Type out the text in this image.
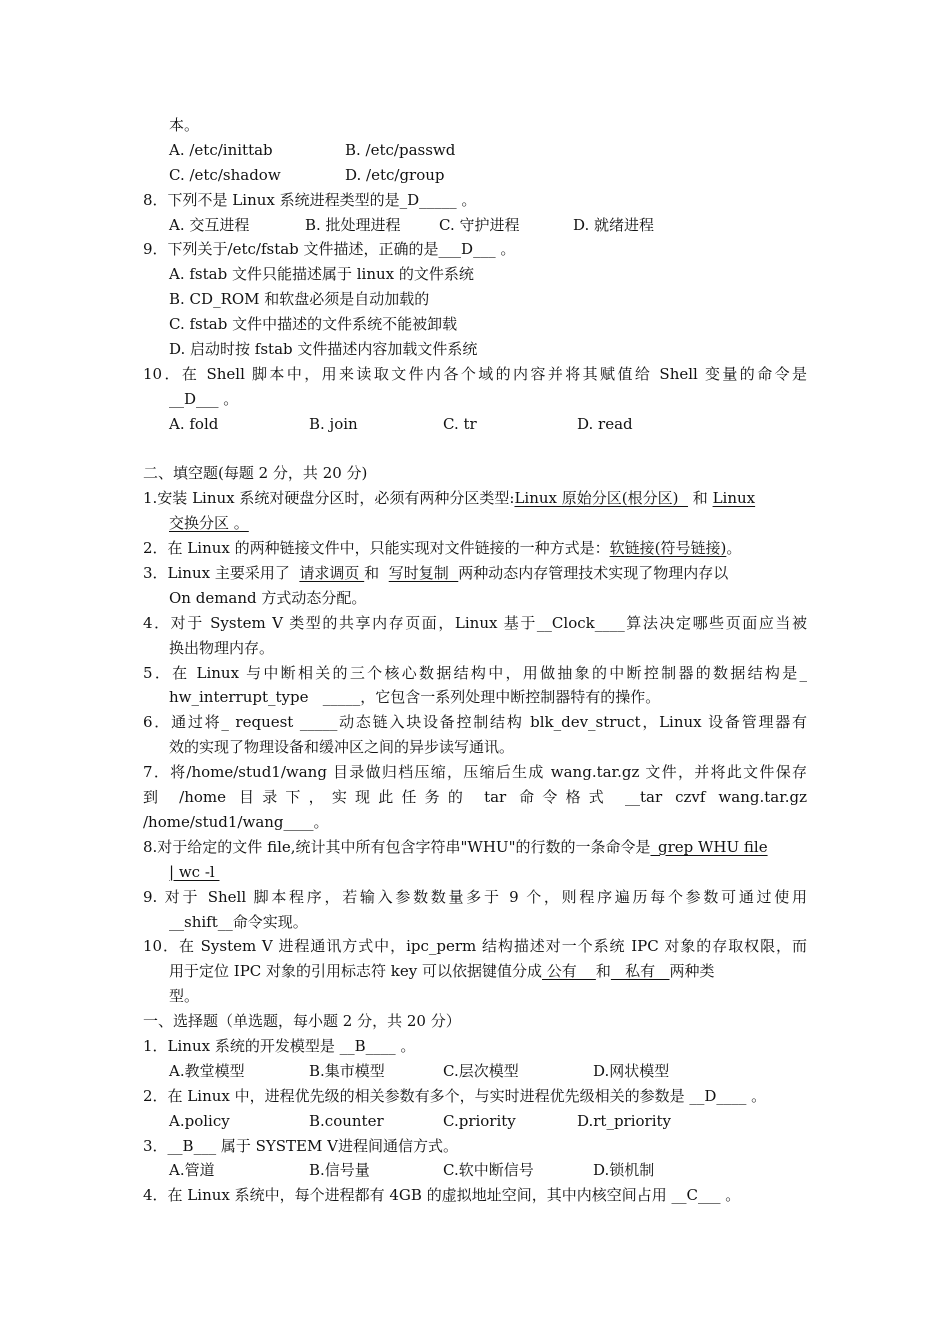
本。
A. /etc/inittab	B. /etc/passwd
C. /etc/shadow	D. /etc/group
8．下列不是 Linux 系统进程类型的是_D_____ 。
A. 交互进程	B. 批处理进程	C. 守护进程	D. 就绪进程
9．下列关于/etc/fstab 文件描述，正确的是___D___ 。
A. fstab 文件只能描述属于 linux 的文件系统
B. CD_ROM 和软盘必须是自动加载的
C. fstab 文件中描述的文件系统不能被卸载
D. 启动时按 fstab 文件描述内容加载文件系统
10．在 Shell 脚本中，用来读取文件内各个域的内容并将其赋值给 Shell 变量的命令是
__D___ 。
A. fold	B. join	C. tr	D. read
二、填空题(每题 2 分，共 20 分)
1.安装 Linux 系统对硬盘分区时，必须有两种分区类型:Linux 原始分区(根分区)   和 Linux
交换分区 。
2．在 Linux 的两种链接文件中，只能实现对文件链接的一种方式是：软链接(符号链接)。
3．Linux 主要采用了  请求调页 和  写时复制  两种动态内存管理技术实现了物理内存以
On demand 方式动态分配。
4．对于 System V 类型的共享内存页面，Linux 基于__Clock____算法决定哪些页面应当被
换出物理内存。
5．在 Linux 与中断相关的三个核心数据结构中，用做抽象的中断控制器的数据结构是_
hw_interrupt_type   _____，它包含一系列处理中断控制器特有的操作。
6．通过将_ request _____动态链入块设备控制结构 blk_dev_struct，Linux 设备管理器有
效的实现了物理设备和缓冲区之间的异步读写通讯。
7．将/home/stud1/wang 目录做归档压缩，压缩后生成 wang.tar.gz 文件，并将此文件保存
到 /home 目录下，实现此任务的 tar 命令格式 __tar czvf wang.tar.gz
/home/stud1/wang____。
8.对于给定的文件 file,统计其中所有包含字符串"WHU"的行数的一条命令是_grep WHU file
| wc -l
9. 对于 Shell 脚本程序，若输入参数数量多于 9 个，则程序遍历每个参数可通过使用
__shift__命令实现。
10．在 System V 进程通讯方式中，ipc_perm 结构描述对一个系统 IPC 对象的存取权限，而
用于定位 IPC 对象的引用标志符 key 可以依据键值分成 公有    和   私有   两种类
型。
一、选择题（单选题，每小题 2 分，共 20 分）
1．Linux 系统的开发模型是 __B____ 。
A.教堂模型	B.集市模型	C.层次模型	D.网状模型
2．在 Linux 中，进程优先级的相关参数有多个，与实时进程优先级相关的参数是 __D____ 。
A.policy	B.counter	C.priority	D.rt_priority
3．__B___ 属于 SYSTEM V进程间通信方式。
A.管道	B.信号量	C.软中断信号	D.锁机制
4．在 Linux 系统中，每个进程都有 4GB 的虚拟地址空间，其中内核空间占用 __C___ 。
